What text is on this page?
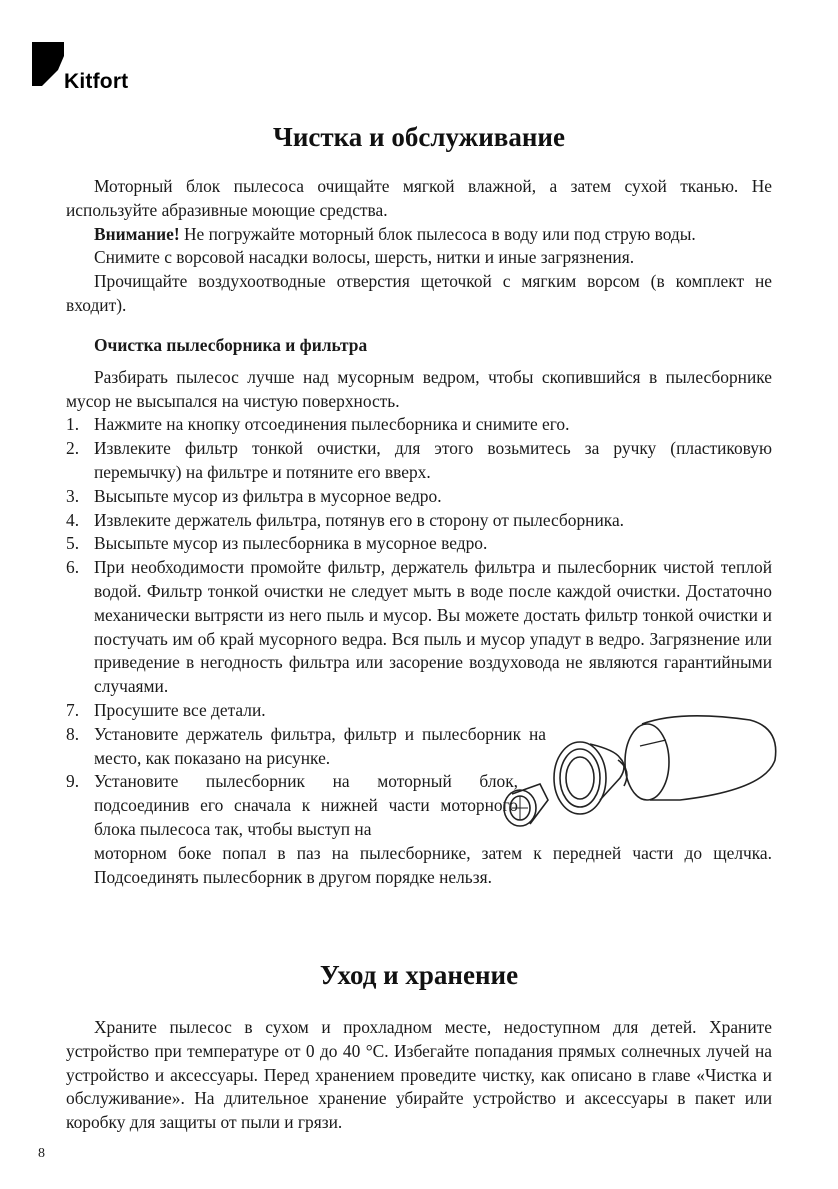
Kitfort
Чистка и обслуживание

Моторный блок пылесоса очищайте мягкой влажной, а затем сухой тканью. Не используйте абразивные моющие средства.

Внимание! Не погружайте моторный блок пылесоса в воду или под струю воды.

Снимите с ворсовой насадки волосы, шерсть, нитки и иные загрязнения.

Прочищайте воздухоотводные отверстия щеточкой с мягким ворсом (в комплект не входит).

Очистка пылесборника и фильтра

Разбирать пылесос лучше над мусорным ведром, чтобы скопившийся в пылесборнике мусор не высыпался на чистую поверхность.

1. Нажмите на кнопку отсоединения пылесборника и снимите его.
2. Извлеките фильтр тонкой очистки, для этого возьмитесь за ручку (пластиковую перемычку) на фильтре и потяните его вверх.
3. Высыпьте мусор из фильтра в мусорное ведро.
4. Извлеките держатель фильтра, потянув его в сторону от пылесборника.
5. Высыпьте мусор из пылесборника в мусорное ведро.
6. При необходимости промойте фильтр, держатель фильтра и пылесборник чистой теплой водой. Фильтр тонкой очистки не следует мыть в воде после каждой очистки. Достаточно механически вытрясти из него пыль и мусор. Вы можете достать фильтр тонкой очистки и постучать им об край мусорного ведра. Вся пыль и мусор упадут в ведро. Загрязнение или приведение в негодность фильтра или засорение воздуховода не являются гарантийными случаями.
7. Просушите все детали.
8. Установите держатель фильтра, фильтр и пылесборник на место, как показано на рисунке.
9. Установите пылесборник на моторный блок, подсоединив его сначала к нижней части моторного блока пылесоса так, чтобы выступ на
моторном боке попал в паз на пылесборнике, затем к передней части до щелчка. Подсоединять пылесборник в другом порядке нельзя.
Уход и хранение

Храните пылесос в сухом и прохладном месте, недоступном для детей. Храните устройство при температуре от 0 до 40 °С. Избегайте попадания прямых солнечных лучей на устройство и аксессуары. Перед хранением проведите чистку, как описано в главе «Чистка и обслуживание». На длительное хранение убирайте устройство и аксессуары в пакет или коробку для защиты от пыли и грязи.

8
